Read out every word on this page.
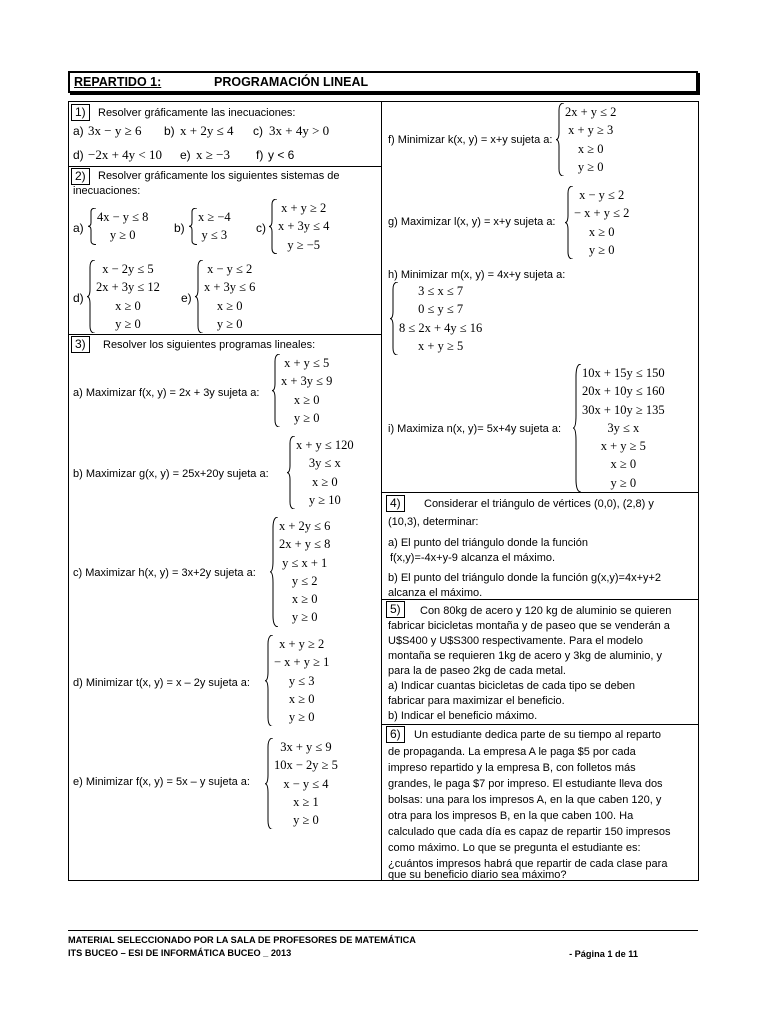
REPARTIDO 1:	PROGRAMACIÓN LINEAL
1)	Resolver gráficamente las inecuaciones:
a) 3x − y ≥ 6 b) x + 2y ≤ 4 c) 3x + 4y > 0
d) −2x + 4y < 10 e) x ≥ −3 f) y < 6
2)	Resolver gráficamente los siguientes sistemas de
inecuaciones:
a)
4x − y ≤ 8
y ≥ 0
b)
x ≥ −4
y ≤ 3
c)
x + y ≥ 2
x + 3y ≤ 4
y ≥ −5
d)
x − 2y ≤ 5
2x + 3y ≤ 12
x ≥ 0
y ≥ 0
e)
x − y ≤ 2
x + 3y ≤ 6
x ≥ 0
y ≥ 0
3)	Resolver los siguientes programas lineales:
a) Maximizar f(x, y) = 2x + 3y sujeta a:
x + y ≤ 5
x + 3y ≤ 9
x ≥ 0
y ≥ 0
b) Maximizar g(x, y) = 25x+20y sujeta a:
x + y ≤ 120
3y ≤ x
x ≥ 0
y ≥ 10
c) Maximizar h(x, y) = 3x+2y sujeta a:
x + 2y ≤ 6
2x + y ≤ 8
y ≤ x + 1
y ≤ 2
x ≥ 0
y ≥ 0
d) Minimizar t(x, y) = x – 2y sujeta a:
x + y ≥ 2
− x + y ≥ 1
y ≤ 3
x ≥ 0
y ≥ 0
e) Minimizar f(x, y) = 5x – y sujeta a:
3x + y ≤ 9
10x − 2y ≥ 5
x − y ≤ 4
x ≥ 1
y ≥ 0
f) Minimizar k(x, y) = x+y sujeta a:
2x + y ≤ 2
x + y ≥ 3
x ≥ 0
y ≥ 0
g) Maximizar l(x, y) = x+y sujeta a:
x − y ≤ 2
− x + y ≤ 2
x ≥ 0
y ≥ 0
h) Minimizar m(x, y) = 4x+y sujeta a:
3 ≤ x ≤ 7
0 ≤ y ≤ 7
8 ≤ 2x + 4y ≤ 16
x + y ≥ 5
i) Maximiza n(x, y)= 5x+4y sujeta a:
10x + 15y ≤ 150
20x + 10y ≤ 160
30x + 10y ≥ 135
3y ≤ x
x + y ≥ 5
x ≥ 0
y ≥ 0
4)	Considerar el triángulo de vértices (0,0), (2,8) y
(10,3), determinar:
a) El punto del triángulo donde la función
f(x,y)=-4x+y-9 alcanza el máximo.
b) El punto del triángulo donde la función g(x,y)=4x+y+2
alcanza el máximo.
5)	Con 80kg de acero y 120 kg de aluminio se quieren
fabricar bicicletas montaña y de paseo que se venderán a
U$S400 y U$S300 respectivamente. Para el modelo
montaña se requieren 1kg de acero y 3kg de aluminio, y
para la de paseo 2kg de cada metal.
a) Indicar cuantas bicicletas de cada tipo se deben
fabricar para maximizar el beneficio.
b) Indicar el beneficio máximo.
6)	Un estudiante dedica parte de su tiempo al reparto
de propaganda. La empresa A le paga $5 por cada
impreso repartido y la empresa B, con folletos más
grandes, le paga $7 por impreso. El estudiante lleva dos
bolsas: una para los impresos A, en la que caben 120, y
otra para los impresos B, en la que caben 100. Ha
calculado que cada día es capaz de repartir 150 impresos
como máximo. Lo que se pregunta el estudiante es:
¿cuántos impresos habrá que repartir de cada clase para
que su beneficio diario sea máximo?
MATERIAL SELECCIONADO POR LA SALA DE PROFESORES DE MATEMÁTICA
ITS BUCEO – ESI DE INFORMÁTICA BUCEO _ 2013	- Página 1 de 11
